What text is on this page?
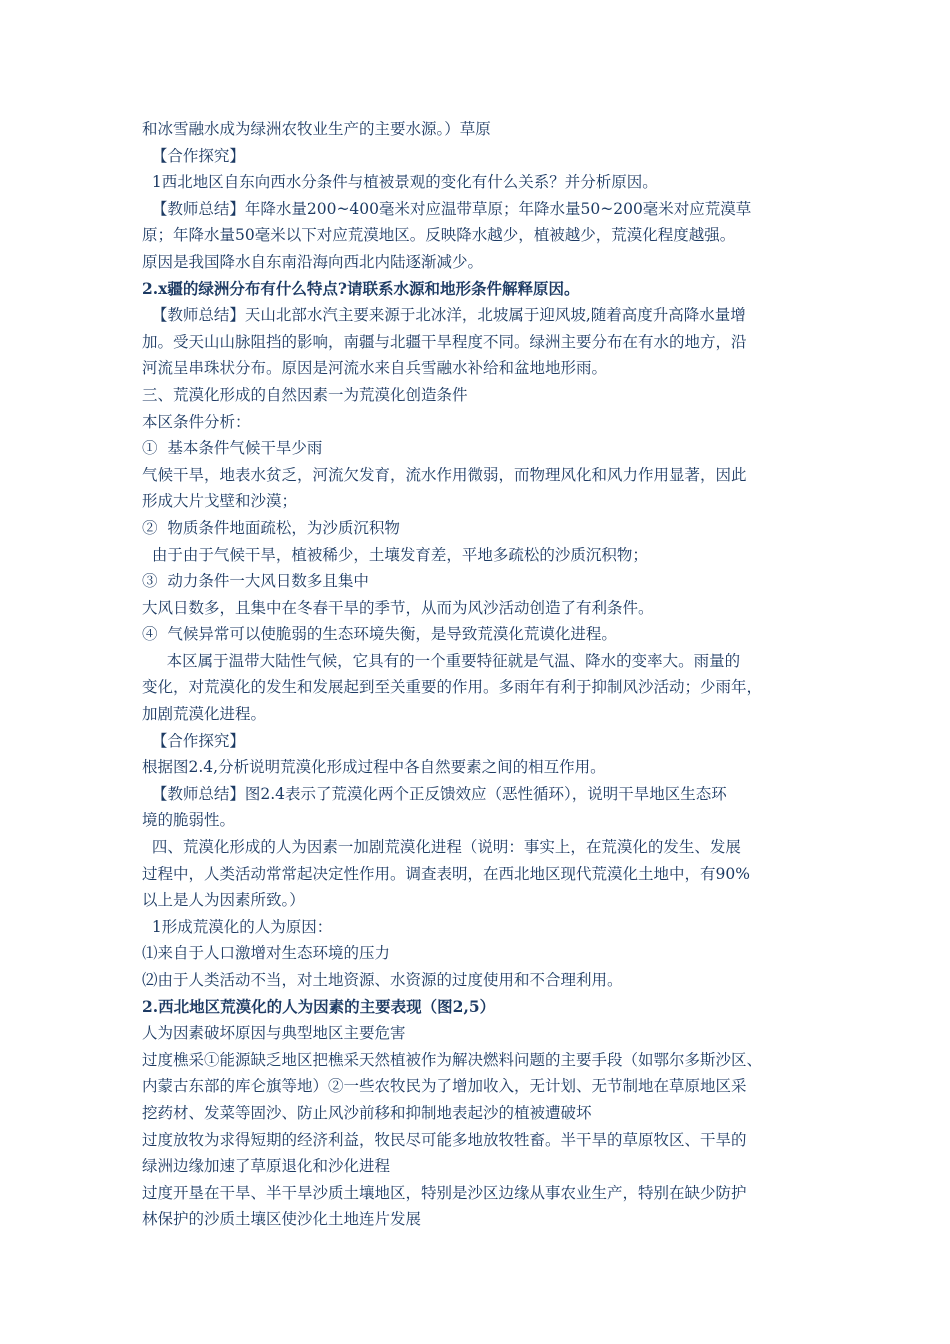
和冰雪融水成为绿洲农牧业生产的主要水源。）草原
【合作探究】
1西北地区自东向西水分条件与植被景观的变化有什么关系？并分析原因。
【教师总结】年降水量200~400毫米对应温带草原；年降水量50~200毫米对应荒漠草
原；年降水量50毫米以下对应荒漠地区。反映降水越少，植被越少，荒漠化程度越强。
原因是我国降水自东南沿海向西北内陆逐渐减少。
2.x疆的绿洲分布有什么特点?请联系水源和地形条件解释原因。
【教师总结】天山北部水汽主要来源于北冰洋，北坡属于迎风坡,随着高度升高降水量增
加。受天山山脉阻挡的影响，南疆与北疆干旱程度不同。绿洲主要分布在有水的地方，沿
河流呈串珠状分布。原因是河流水来自兵雪融水补给和盆地地形雨。
三、荒漠化形成的自然因素一为荒漠化创造条件
本区条件分析：
①  基本条件气候干旱少雨
气候干旱，地表水贫乏，河流欠发育，流水作用微弱，而物理风化和风力作用显著，因此
形成大片戈壁和沙漠；
②  物质条件地面疏松，为沙质沉积物
由于由于气候干旱，植被稀少，土壤发育差，平地多疏松的沙质沉积物；
③  动力条件一大风日数多且集中
大风日数多，且集中在冬春干旱的季节，从而为风沙活动创造了有利条件。
④  气候异常可以使脆弱的生态环境失衡，是导致荒漠化荒谟化进程。
本区属于温带大陆性气候，它具有的一个重要特征就是气温、降水的变率大。雨量的
变化，对荒漠化的发生和发展起到至关重要的作用。多雨年有利于抑制风沙活动；少雨年，
加剧荒漠化进程。
【合作探究】
根据图2.4,分析说明荒漠化形成过程中各自然要素之间的相互作用。
【教师总结】图2.4表示了荒漠化两个正反馈效应（恶性循环），说明干旱地区生态环
境的脆弱性。
四、荒漠化形成的人为因素一加剧荒漠化进程（说明：事实上，在荒漠化的发生、发展
过程中，人类活动常常起决定性作用。调查表明，在西北地区现代荒漠化土地中，有90%
以上是人为因素所致。）
1形成荒漠化的人为原因：
⑴来自于人口激增对生态环境的压力
⑵由于人类活动不当，对土地资源、水资源的过度使用和不合理利用。
2.西北地区荒漠化的人为因素的主要表现（图2,5）
人为因素破坏原因与典型地区主要危害
过度樵采①能源缺乏地区把樵采天然植被作为解决燃料问题的主要手段（如鄂尔多斯沙区、
内蒙古东部的库仑旗等地）②一些农牧民为了增加收入，无计划、无节制地在草原地区采
挖药材、发菜等固沙、防止风沙前移和抑制地表起沙的植被遭破坏
过度放牧为求得短期的经济利益，牧民尽可能多地放牧牲畜。半干旱的草原牧区、干旱的
绿洲边缘加速了草原退化和沙化进程
过度开垦在干旱、半干旱沙质土壤地区，特别是沙区边缘从事农业生产，特别在缺少防护
林保护的沙质土壤区使沙化土地连片发展
